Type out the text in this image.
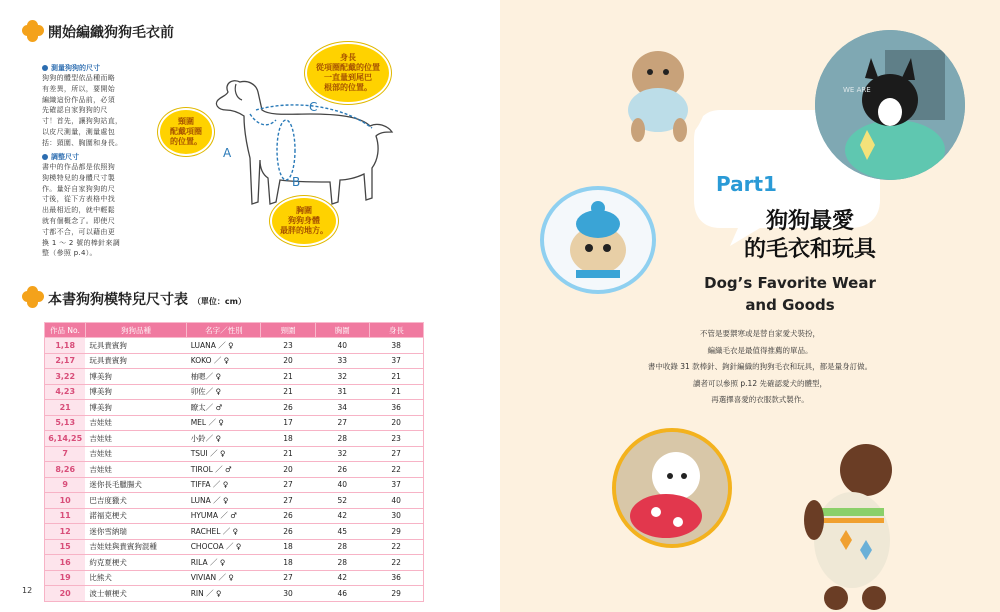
開始編織狗狗毛衣前
測量狗狗的尺寸
狗狗的體型依品種而略
有差異，所以，要開始
編織這份作品前，必須
先確認自家狗狗的尺
寸！首先，讓狗狗站直，
以皮尺測量，測量處包
括：頸圍、胸圍和身長。
調整尺寸
書中的作品都是依照狗
狗模特兒的身體尺寸製
作。量好自家狗狗的尺
寸後，從下方表格中找
出最相近的，就中輕鬆
就有個概念了。即使尺
寸都不合，可以藉由更
換 1 ～ 2 號的棒針來調
整（參照 p.4）。
A
B
C
身長
從項圈配戴的位置
一直量到尾巴
根部的位置。
頸圍
配戴項圈
的位置。
胸圍
狗狗身體
最胖的地方。
本書狗狗模特兒尺寸表 （單位：cm）
作品 No.	狗狗品種	名字／性別	頸圍	胸圍	身長
1,18	玩具貴賓狗	LUANA ／ ♀	23	40	38
2,17	玩具貴賓狗	KOKO ／ ♀	20	33	37
3,22	博美狗	柚嗯／ ♀	21	32	21
4,23	博美狗	卯佐／ ♀	21	31	21
21	博美狗	瞭太／ ♂	26	34	36
5,13	吉娃娃	MEL ／ ♀	17	27	20
6,14,25	吉娃娃	小鈴／ ♀	18	28	23
7	吉娃娃	TSUI ／ ♀	21	32	27
8,26	吉娃娃	TIROL ／ ♂	20	26	22
9	迷你長毛臘腸犬	TIFFA ／ ♀	27	40	37
10	巴吉度獵犬	LUNA ／ ♀	27	52	40
11	諾福克梗犬	HYUMA ／ ♂	26	42	30
12	迷你雪納瑞	RACHEL ／ ♀	26	45	29
15	吉娃娃與貴賓狗混種	CHOCOA ／ ♀	18	28	22
16	約克夏梗犬	RILA ／ ♀	18	28	22
19	比熊犬	VIVIAN ／ ♀	27	42	36
20	波士頓梗犬	RIN ／ ♀	30	46	29
12
WE ARE
Part1
狗狗最愛
的毛衣和玩具
Dog’s Favorite Wear
and Goods
不管是要禦寒或是替自家愛犬裝扮，
編織毛衣是最值得推薦的單品。
書中收錄 31 款棒針、鉤針編織的狗狗毛衣和玩具，都是量身訂做。
讀者可以參照 p.12 先確認愛犬的體型，
再選擇喜愛的衣服款式製作。
